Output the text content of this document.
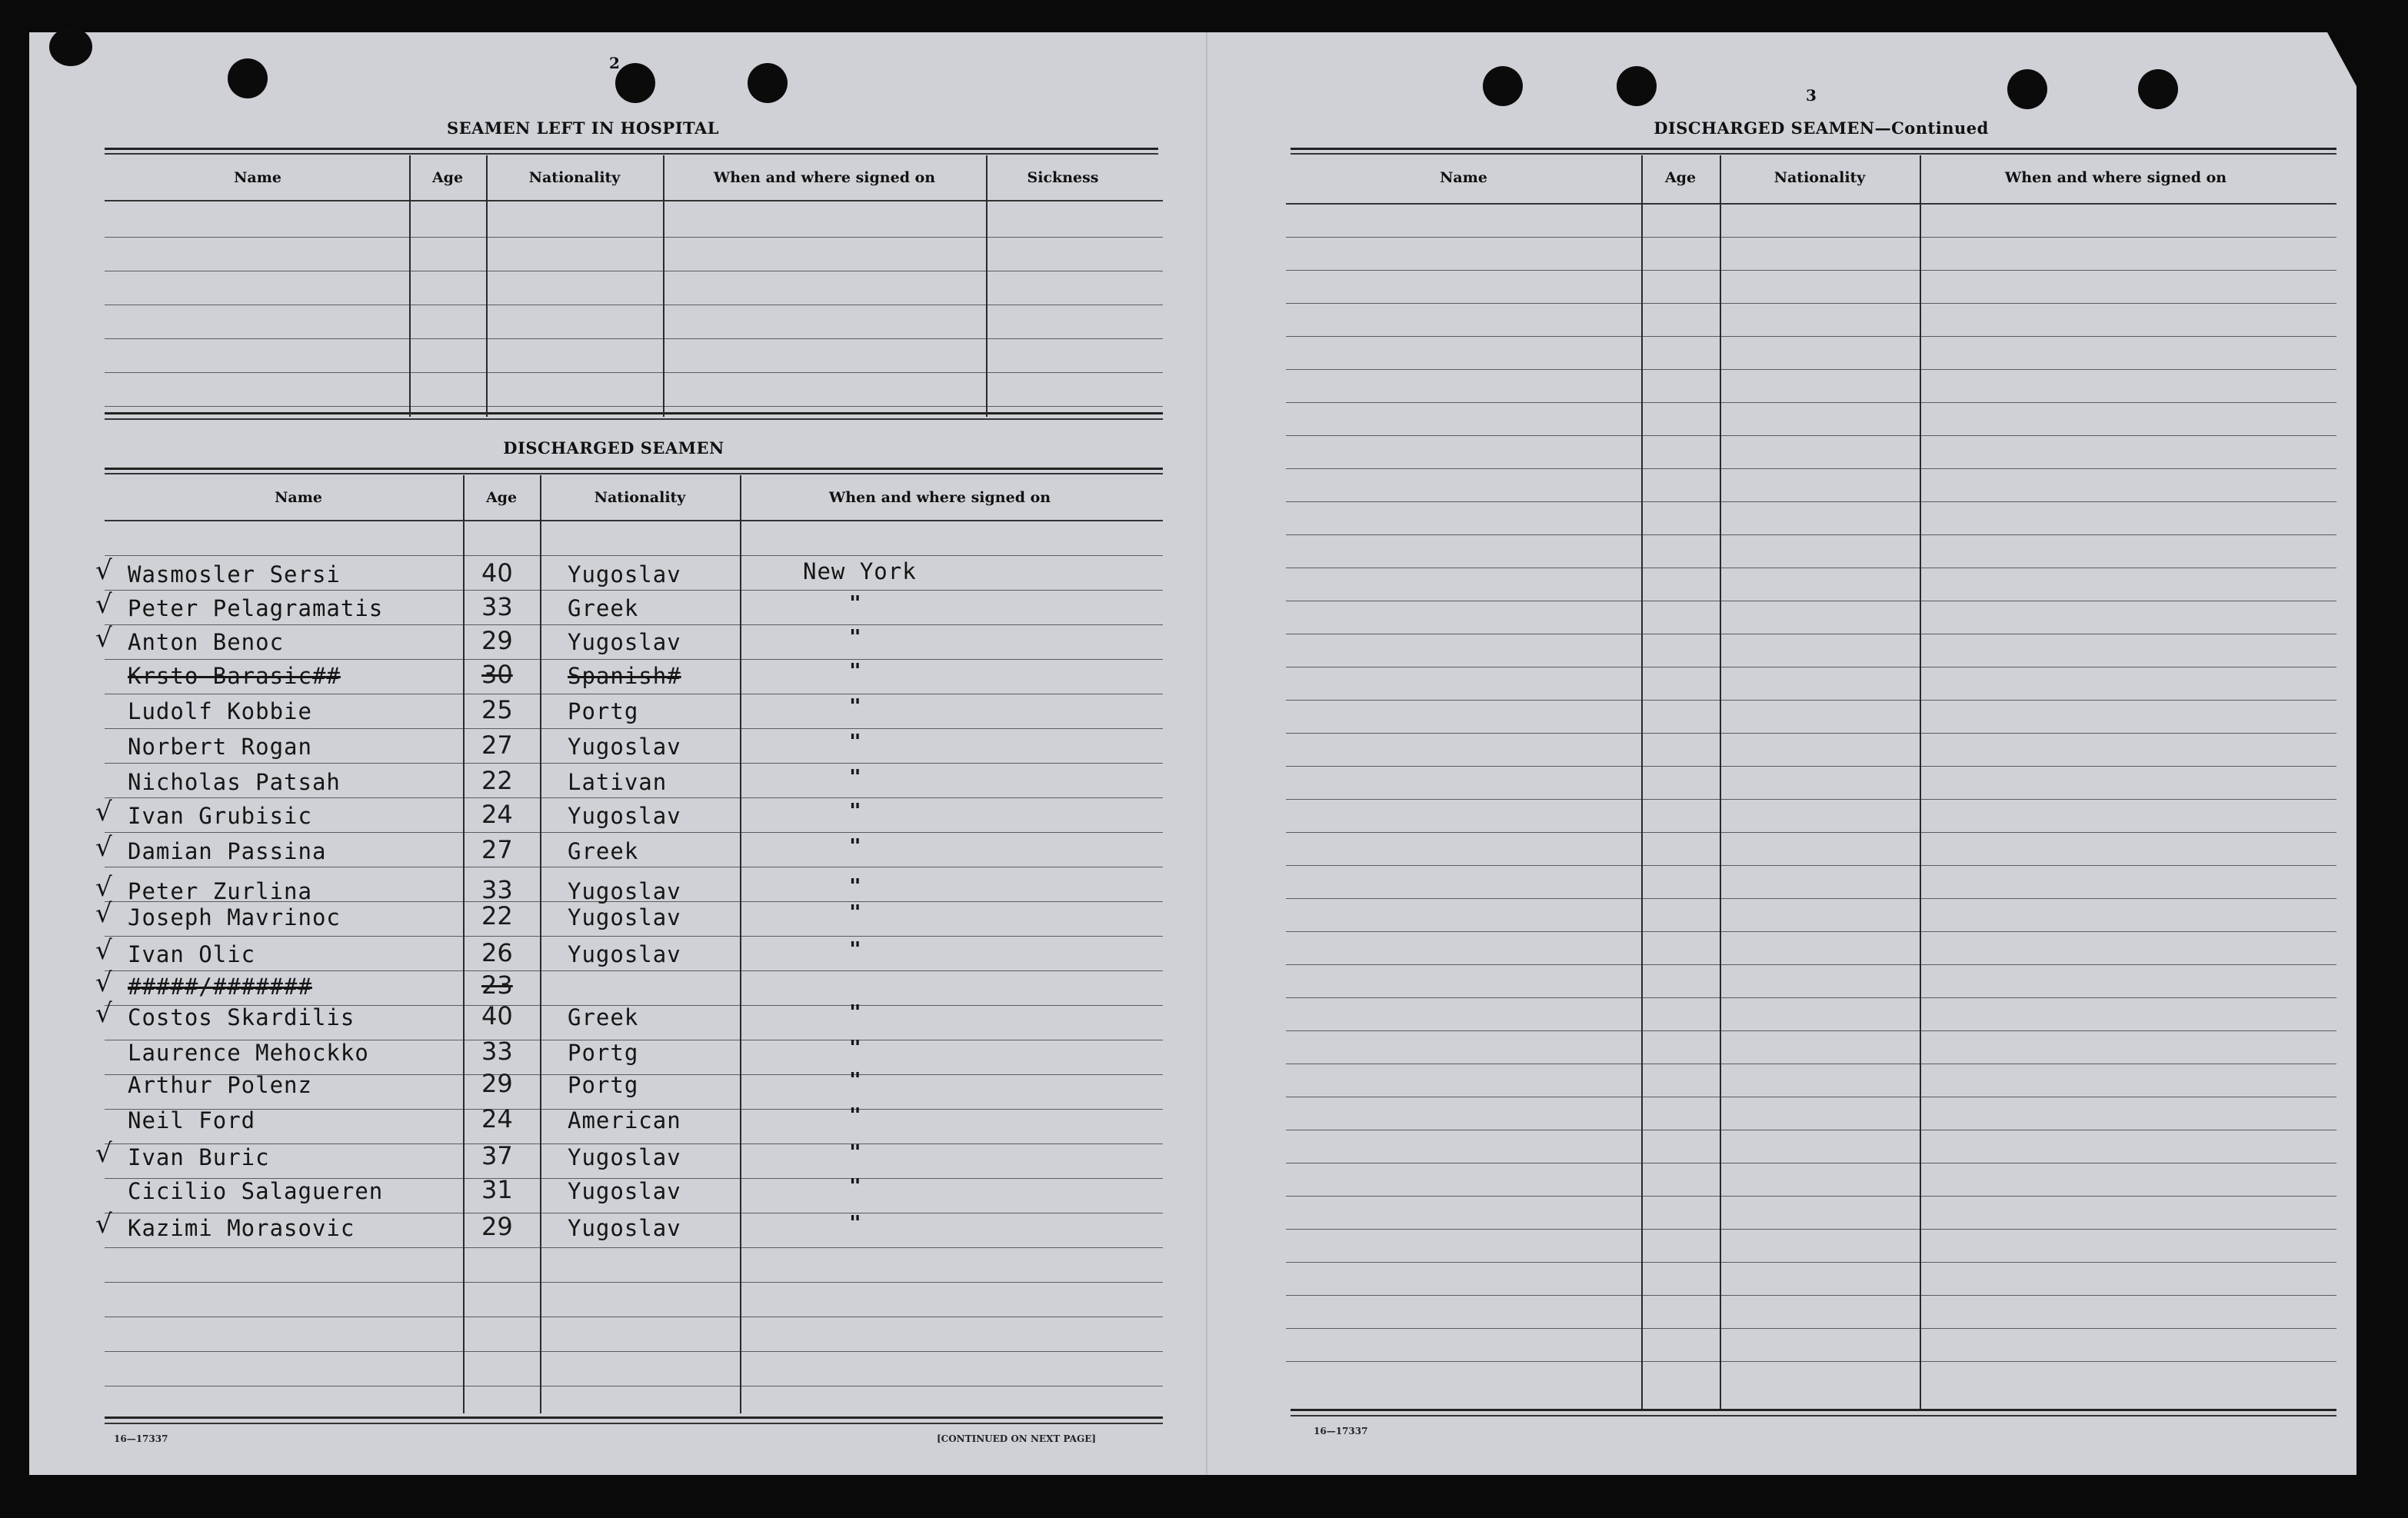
2
SEAMEN LEFT IN HOSPITAL
Name	Age	Nationality	When and where signed on	Sickness
DISCHARGED SEAMEN
Name	Age	Nationality	When and where signed on
√ Wasmosler Sersi	40 Yugoslav	New York
√ Peter Pelagramatis	33 Greek	"
√ Anton Benoc	29 Yugoslav	"
Krsto Barasic##	30 Spanish#	"
Ludolf Kobbie	25 Portg	"
Norbert Rogan	27 Yugoslav	"
Nicholas Patsah	22 Lativan	"
√ Ivan Grubisic	24 Yugoslav	"
√ Damian Passina	27 Greek	"
√ Peter Zurlina	33 Yugoslav	"
√ Joseph Mavrinoc	22 Yugoslav	"
√ Ivan Olic	26 Yugoslav	"
√ #####/#######	23
√ Costos Skardilis	40 Greek	"
Laurence Mehockko	33 Portg	"
Arthur Polenz	29 Portg	"
Neil Ford	24 American	"
√ Ivan Buric	37 Yugoslav	"
Cicilio Salagueren	31 Yugoslav	"
√ Kazimi Morasovic	29 Yugoslav	"
16—17337	[CONTINUED ON NEXT PAGE]
3
DISCHARGED SEAMEN—Continued
Name	Age	Nationality	When and where signed on
16—17337
